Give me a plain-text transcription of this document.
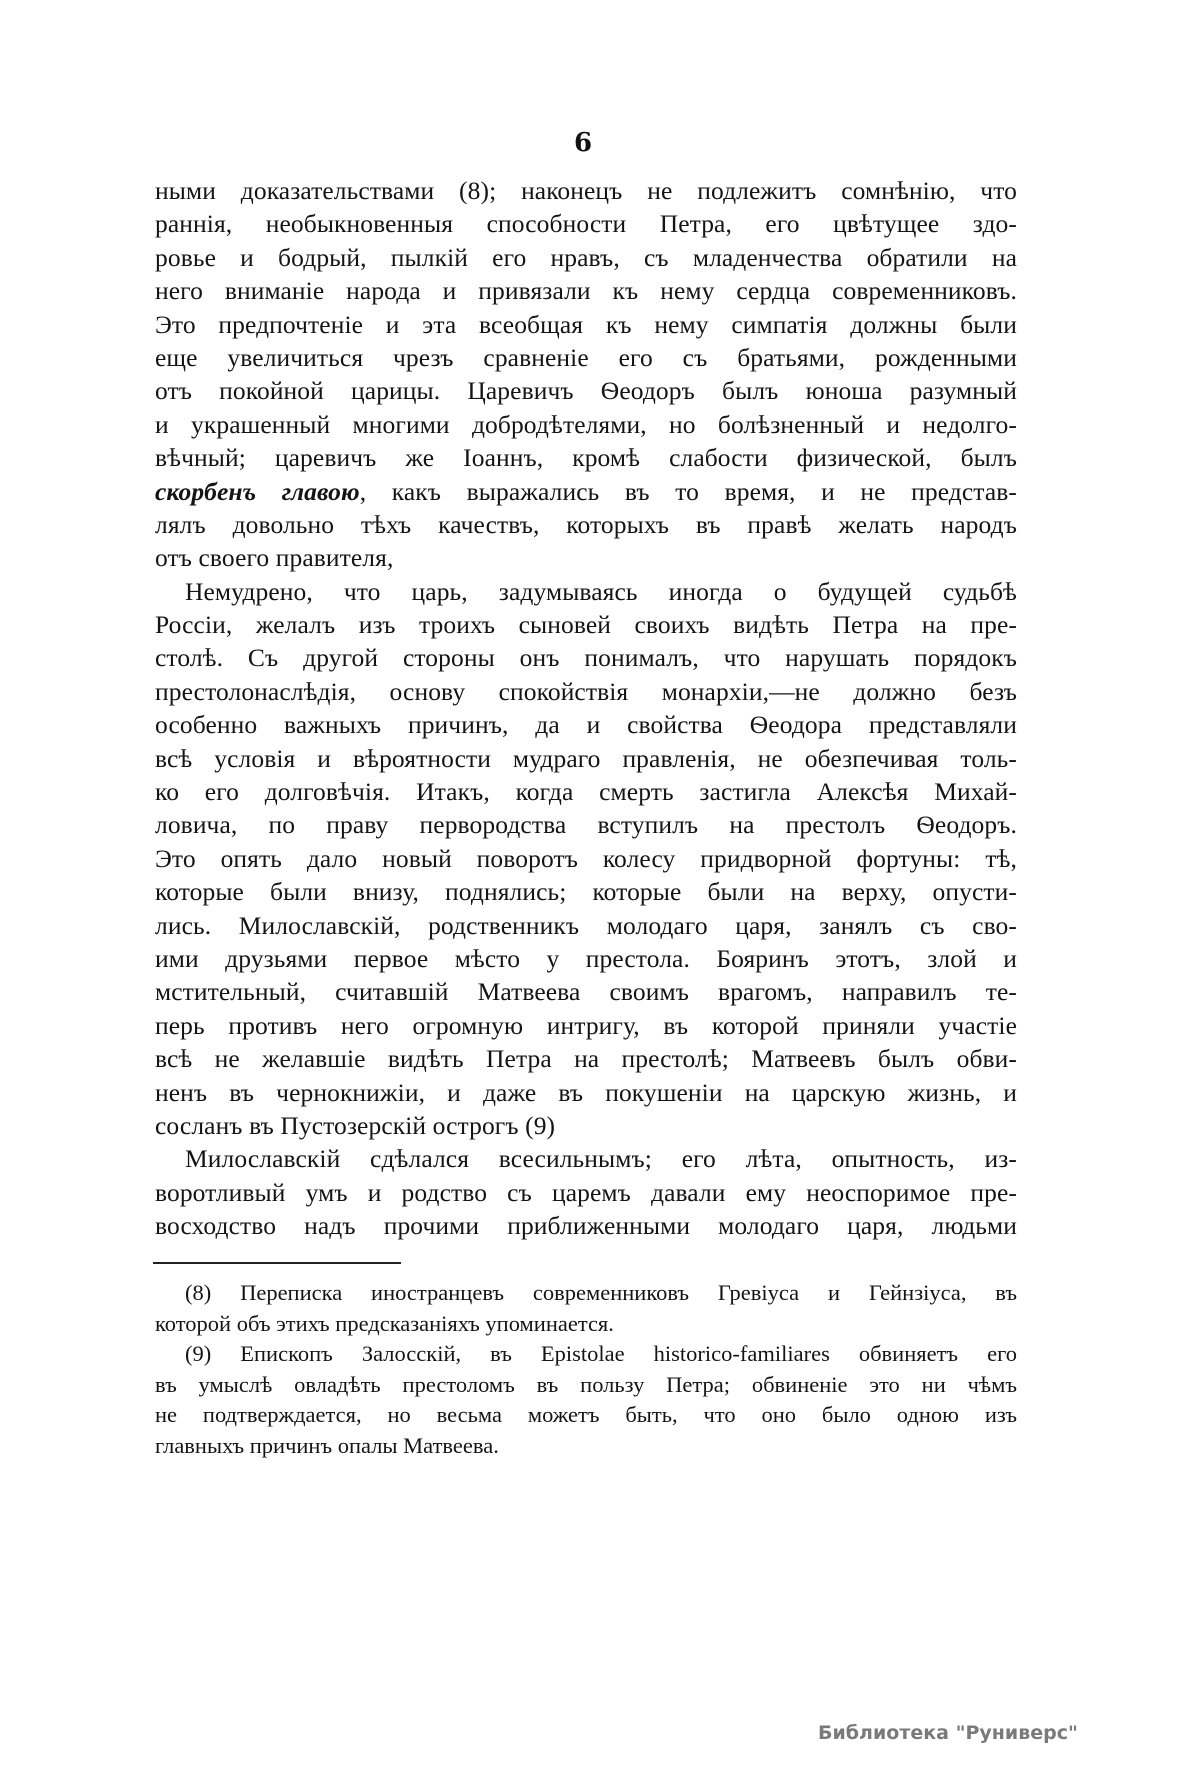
6
ными доказательствами (8); наконецъ не подлежитъ сомнѣнію, что
раннія, необыкновенныя способности Петра, его цвѣтущее здо-
ровье и бодрый, пылкій его нравъ, съ младенчества обратили на
него вниманіе народа и привязали къ нему сердца современниковъ.
Это предпочтеніе и эта всеобщая къ нему симпатія должны были
еще увеличиться чрезъ сравненіе его съ братьями, рожденными
отъ покойной царицы. Царевичъ Ѳеодоръ былъ юноша разумный
и украшенный многими добродѣтелями, но болѣзненный и недолго-
вѣчный; царевичъ же Іоаннъ, кромѣ слабости физической, былъ
скорбенъ главою, какъ выражались въ то время, и не представ-
лялъ довольно тѣхъ качествъ, которыхъ въ правѣ желать народъ
отъ своего правителя,
Немудрено, что царь, задумываясь иногда о будущей судьбѣ
Россіи, желалъ изъ троихъ сыновей своихъ видѣть Петра на пре-
столѣ. Съ другой стороны онъ понималъ, что нарушать порядокъ
престолонаслѣдія, основу спокойствія монархіи,—не должно безъ
особенно важныхъ причинъ, да и свойства Ѳеодора представляли
всѣ условія и вѣроятности мудраго правленія, не обезпечивая толь-
ко его долговѣчія. Итакъ, когда смерть застигла Алексѣя Михай-
ловича, по праву первородства вступилъ на престолъ Ѳеодоръ.
Это опять дало новый поворотъ колесу придворной фортуны: тѣ,
которые были внизу, поднялись; которые были на верху, опусти-
лись. Милославскій, родственникъ молодаго царя, занялъ съ сво-
ими друзьями первое мѣсто у престола. Бояринъ этотъ, злой и
мстительный, считавшій Матвеева своимъ врагомъ, направилъ те-
перь противъ него огромную интригу, въ которой приняли участіе
всѣ не желавшіе видѣть Петра на престолѣ; Матвеевъ былъ обви-
ненъ въ чернокнижіи, и даже въ покушеніи на царскую жизнь, и
сосланъ въ Пустозерскій острогъ (9)
Милославскій сдѣлался всесильнымъ; его лѣта, опытность, из-
воротливый умъ и родство съ царемъ давали ему неоспоримое пре-
восходство надъ прочими приближенными молодаго царя, людьми
(8) Переписка иностранцевъ современниковъ Гревіуса и Гейнзіуса, въ
которой объ этихъ предсказаніяхъ упоминается.
(9) Епископъ Залосскій, въ Epistolae historico-familiares обвиняетъ его
въ умыслѣ овладѣть престоломъ въ пользу Петра; обвиненіе это ни чѣмъ
не подтверждается, но весьма можетъ быть, что оно было одною изъ
главныхъ причинъ опалы Матвеева.
Библиотека "Руниверс"
